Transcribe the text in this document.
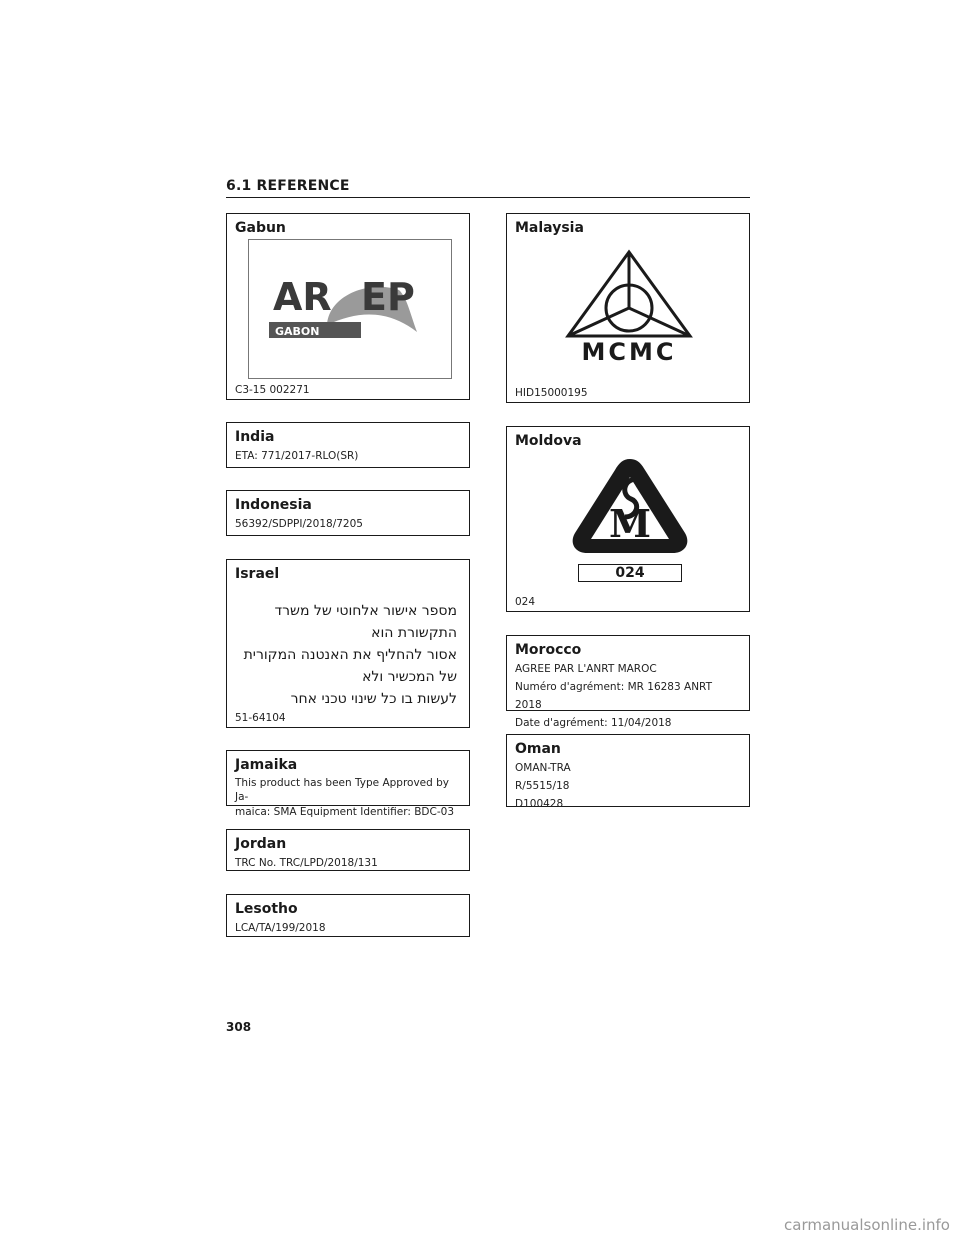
6.1 REFERENCE
Gabun
AR EP
GABON
C3-15 002271
India

ETA: 771/2017-RLO(SR)

Indonesia

56392/SDPPI/2018/7205

Israel
מספר אישור אלחוטי של משרד התקשורת הוא
אסור להחליף את האנטנה המקורית של המכשיר ולא
לעשות בו כל שינוי טכני אחר
51-64104
Jamaika

This product has been Type Approved by Ja-

maica: SMA Equipment Identifier: BDC-03

Jordan

TRC No. TRC/LPD/2018/131

Lesotho

LCA/TA/199/2018

Malaysia
MCMC
HID15000195
Moldova
M
024
024
Morocco

AGREE PAR L'ANRT MAROC

Numéro d'agrément: MR 16283 ANRT 2018

Date d'agrément: 11/04/2018

Oman

OMAN-TRA

R/5515/18

D100428

308
carmanualsonline.info
